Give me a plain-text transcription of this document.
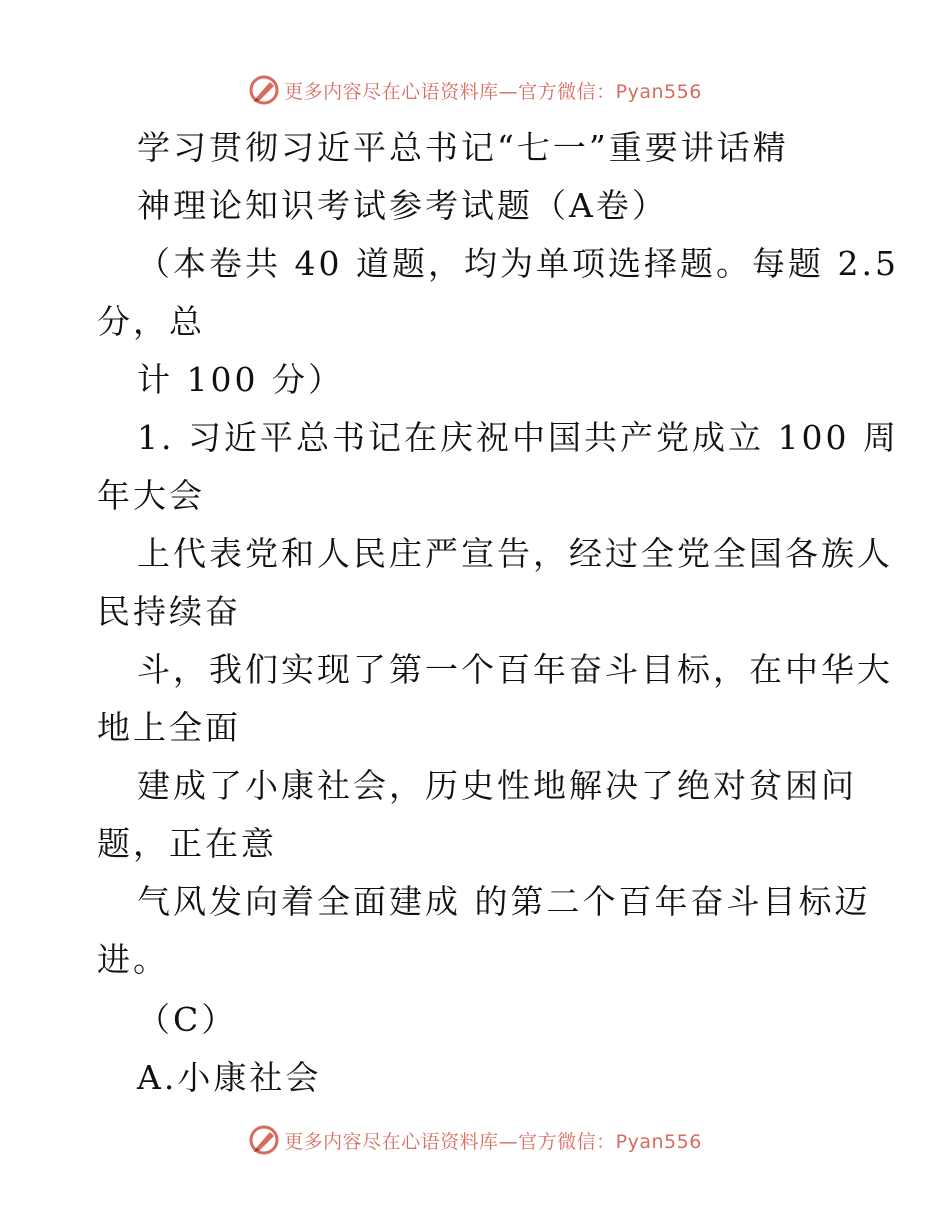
更多内容尽在心语资料库—官方微信：Pyan556
学习贯彻习近平总书记“七一”重要讲话精
神理论知识考试参考试题（A卷）
（本卷共 40 道题，均为单项选择题。每题 2.5
分，总
计 100 分）
1. 习近平总书记在庆祝中国共产党成立 100 周
年大会
上代表党和人民庄严宣告，经过全党全国各族人
民持续奋
斗，我们实现了第一个百年奋斗目标，在中华大
地上全面
建成了小康社会，历史性地解决了绝对贫困问
题，正在意
气风发向着全面建成 的第二个百年奋斗目标迈
进。
（C）
A.小康社会
更多内容尽在心语资料库—官方微信：Pyan556
